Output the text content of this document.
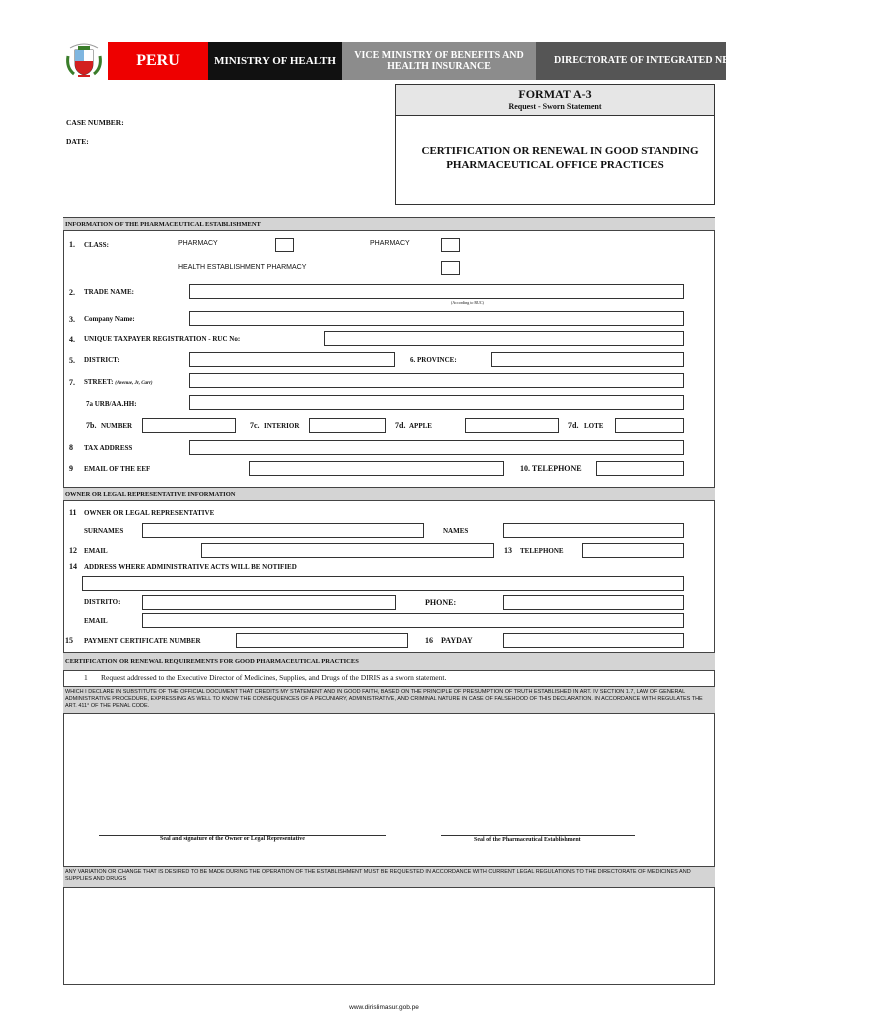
PERU	MINISTRY OF HEALTH	VICE MINISTRY OF BENEFITS AND HEALTH INSURANCE
DIRECTORATE OF INTEGRATED NETWORKS HEALTH LIMA SOUTH
FORMAT A-3
Request - Sworn Statement
CERTIFICATION OR RENEWAL IN GOOD STANDING
PHARMACEUTICAL OFFICE PRACTICES
CASE NUMBER:
DATE:
INFORMATION OF THE PHARMACEUTICAL ESTABLISHMENT
1. CLASS:	PHARMACY	PHARMACY
HEALTH ESTABLISHMENT PHARMACY
2. TRADE NAME:
(According to RUC)
3. Company Name:
4. UNIQUE TAXPAYER REGISTRATION - RUC No:
5. DISTRICT:	6. PROVINCE:
7. STREET: (Avenue, Jr, Carr)
7a URB/AA.HH:
7b. NUMBER	7c. INTERIOR	7d. APPLE	7d. LOTE
8 TAX ADDRESS
9 EMAIL OF THE EEF	10. TELEPHONE
OWNER OR LEGAL REPRESENTATIVE INFORMATION
11 OWNER OR LEGAL REPRESENTATIVE
SURNAMES	NAMES
12 EMAIL	13 TELEPHONE
14 ADDRESS WHERE ADMINISTRATIVE ACTS WILL BE NOTIFIED
DISTRITO:	PHONE:
EMAIL
15 PAYMENT CERTIFICATE NUMBER	16 PAYDAY
CERTIFICATION OR RENEWAL REQUIREMENTS FOR GOOD PHARMACEUTICAL PRACTICES
1 Request addressed to the Executive Director of Medicines, Supplies, and Drugs of the DIRIS as a sworn statement.
WHICH I DECLARE IN SUBSTITUTE OF THE OFFICIAL DOCUMENT THAT CREDITS MY STATEMENT AND IN GOOD FAITH, BASED ON THE PRINCIPLE OF PRESUMPTION OF TRUTH ESTABLISHED IN ART. IV SECTION 1.7, LAW OF GENERAL ADMINISTRATIVE PROCEDURE, EXPRESSING AS WELL TO KNOW THE CONSEQUENCES OF A PECUNIARY, ADMINISTRATIVE, AND CRIMINAL NATURE IN CASE OF FALSEHOOD OF THIS DECLARATION. IN ACCORDANCE WITH REGULATES THE ART. 411° OF THE PENAL CODE.
Seal and signature of the Owner or Legal Representative	Seal of the Pharmaceutical Establishment
ANY VARIATION OR CHANGE THAT IS DESIRED TO BE MADE DURING THE OPERATION OF THE ESTABLISHMENT MUST BE REQUESTED IN ACCORDANCE WITH CURRENT LEGAL REGULATIONS TO THE DIRECTORATE OF MEDICINES AND SUPPLIES AND DRUGS
www.dirislimasur.gob.pe
